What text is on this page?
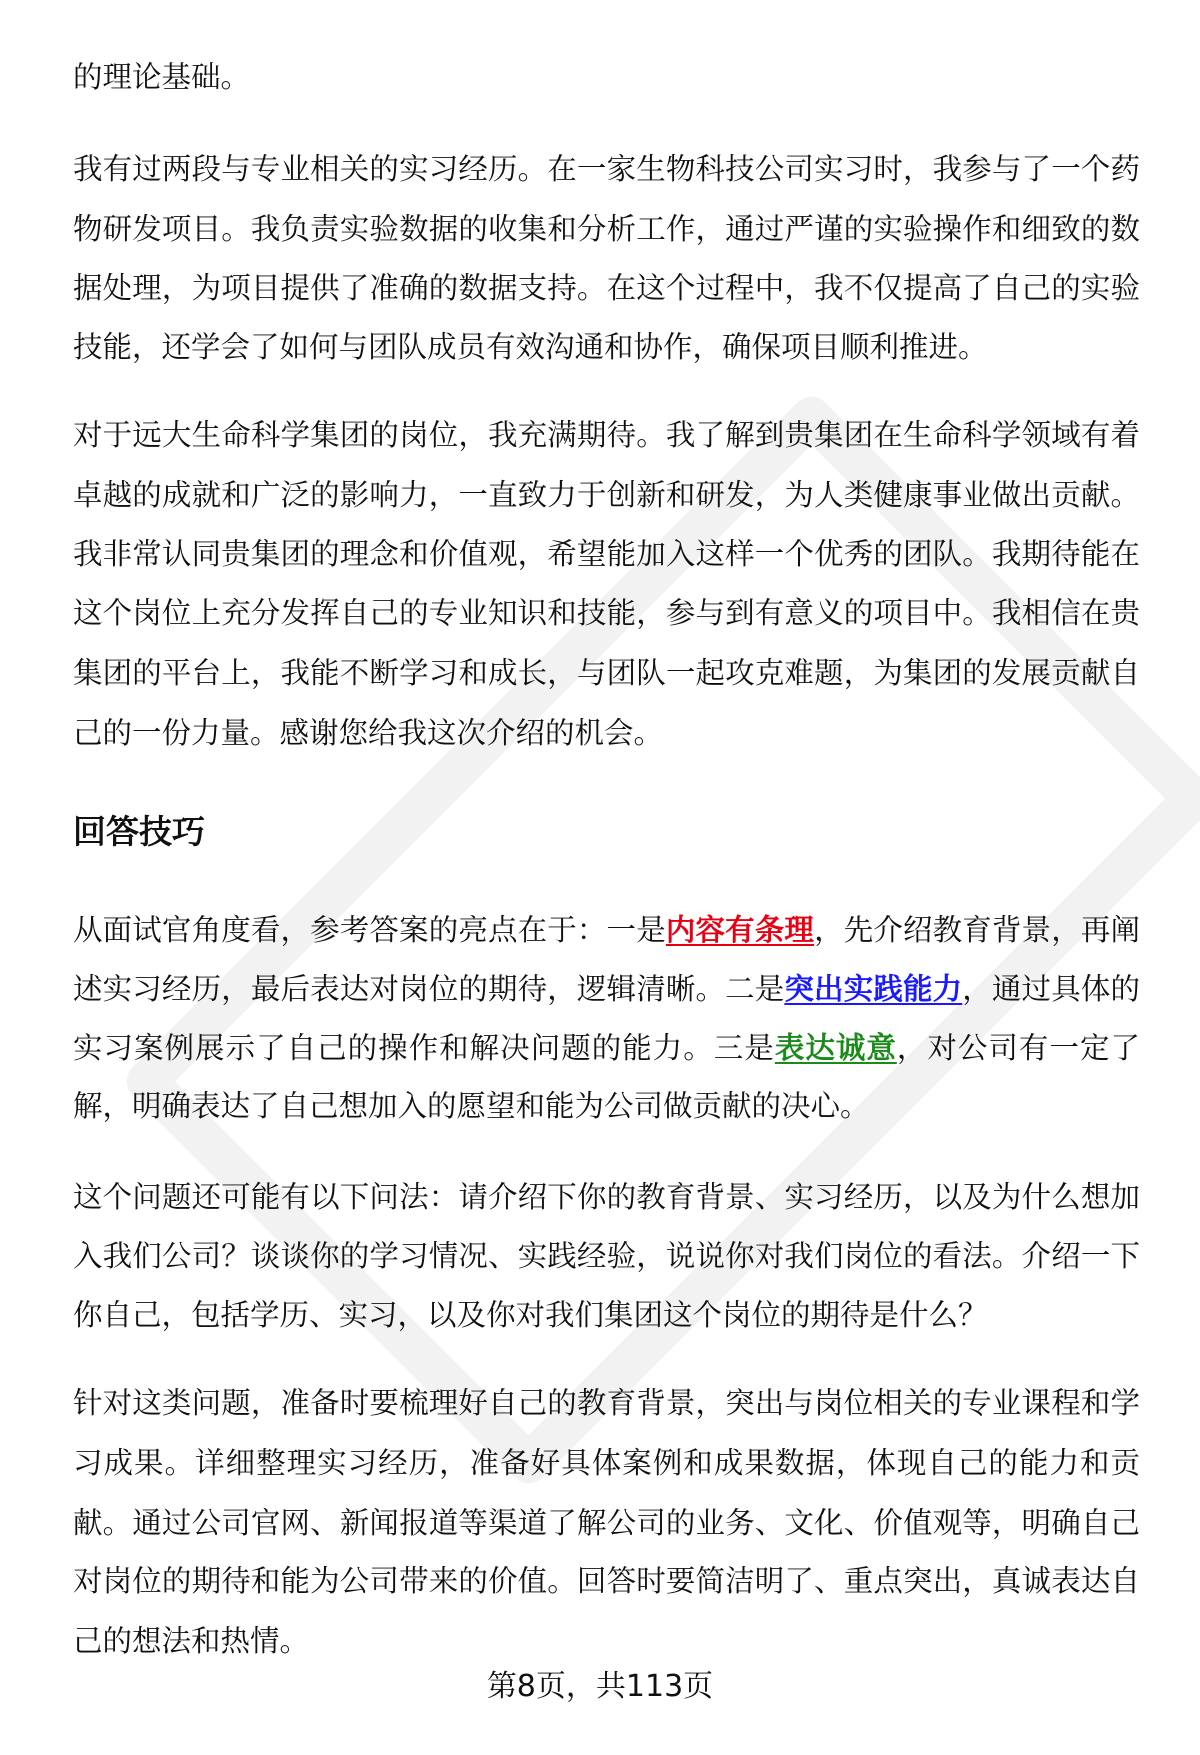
的理论基础。
我有过两段与专业相关的实习经历。在一家生物科技公司实习时，我参与了一个药
物研发项目。我负责实验数据的收集和分析工作，通过严谨的实验操作和细致的数
据处理，为项目提供了准确的数据支持。在这个过程中，我不仅提高了自己的实验
技能，还学会了如何与团队成员有效沟通和协作，确保项目顺利推进。
对于远大生命科学集团的岗位，我充满期待。我了解到贵集团在生命科学领域有着
卓越的成就和广泛的影响力，一直致力于创新和研发，为人类健康事业做出贡献。
我非常认同贵集团的理念和价值观，希望能加入这样一个优秀的团队。我期待能在
这个岗位上充分发挥自己的专业知识和技能，参与到有意义的项目中。我相信在贵
集团的平台上，我能不断学习和成长，与团队一起攻克难题，为集团的发展贡献自
己的一份力量。感谢您给我这次介绍的机会。
从面试官角度看，参考答案的亮点在于：一是内容有条理，先介绍教育背景，再阐
述实习经历，最后表达对岗位的期待，逻辑清晰。二是突出实践能力，通过具体的
实习案例展示了自己的操作和解决问题的能力。三是表达诚意，对公司有一定了
解，明确表达了自己想加入的愿望和能为公司做贡献的决心。
这个问题还可能有以下问法：请介绍下你的教育背景、实习经历，以及为什么想加
入我们公司？谈谈你的学习情况、实践经验，说说你对我们岗位的看法。介绍一下
你自己，包括学历、实习，以及你对我们集团这个岗位的期待是什么？
针对这类问题，准备时要梳理好自己的教育背景，突出与岗位相关的专业课程和学
习成果。详细整理实习经历，准备好具体案例和成果数据，体现自己的能力和贡
献。通过公司官网、新闻报道等渠道了解公司的业务、文化、价值观等，明确自己
对岗位的期待和能为公司带来的价值。回答时要简洁明了、重点突出，真诚表达自
己的想法和热情。
回答技巧
第8页，共113页
